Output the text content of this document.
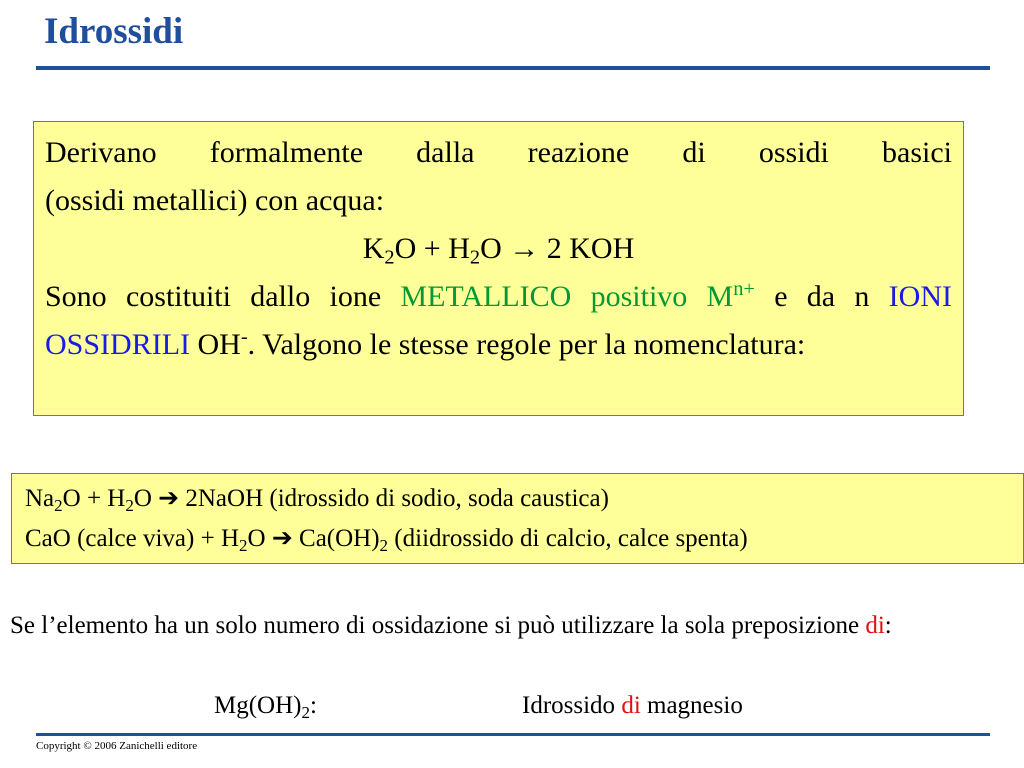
Idrossidi

Derivano formalmente dalla reazione di ossidi basici

(ossidi metallici) con acqua:

$K_2O + H_2O \to 2$ KOH

Sono costituiti dallo ione METALLICO positivo $M^{n+}$ e da n IONI OSSIDRILI OH-. Valgono le stesse regole per la nomenclatura:

$Na_2O + H_2O$ ➔ 2NaOH (idrossido di sodio, soda caustica)

CaO (calce viva) + $H_2O$ ➔ $Ca(OH)_2$ (diidrossido di calcio, calce spenta)

Se l’elemento ha un solo numero di ossidazione si può utilizzare la sola preposizione di:

$Mg(OH)_2$:	Idrossido di magnesio
Copyright © 2006 Zanichelli editore
